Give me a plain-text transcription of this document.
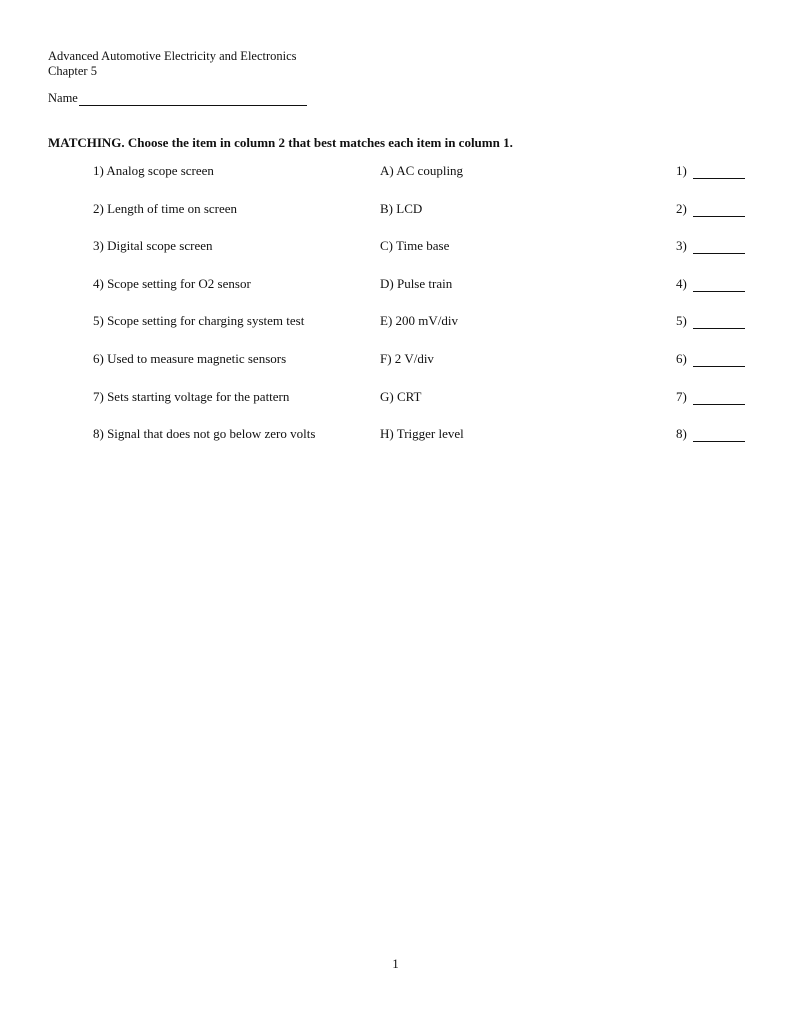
Advanced Automotive Electricity and Electronics
Chapter 5
Name
MATCHING. Choose the item in column 2 that best matches each item in column 1.
1) Analog scope screen	A) AC coupling	1)
2) Length of time on screen	B) LCD	2)
3) Digital scope screen	C) Time base	3)
4) Scope setting for O2 sensor	D) Pulse train	4)
5) Scope setting for charging system test	E) 200 mV/div	5)
6) Used to measure magnetic sensors	F) 2 V/div	6)
7) Sets starting voltage for the pattern	G) CRT	7)
8) Signal that does not go below zero volts	H) Trigger level	8)
1
